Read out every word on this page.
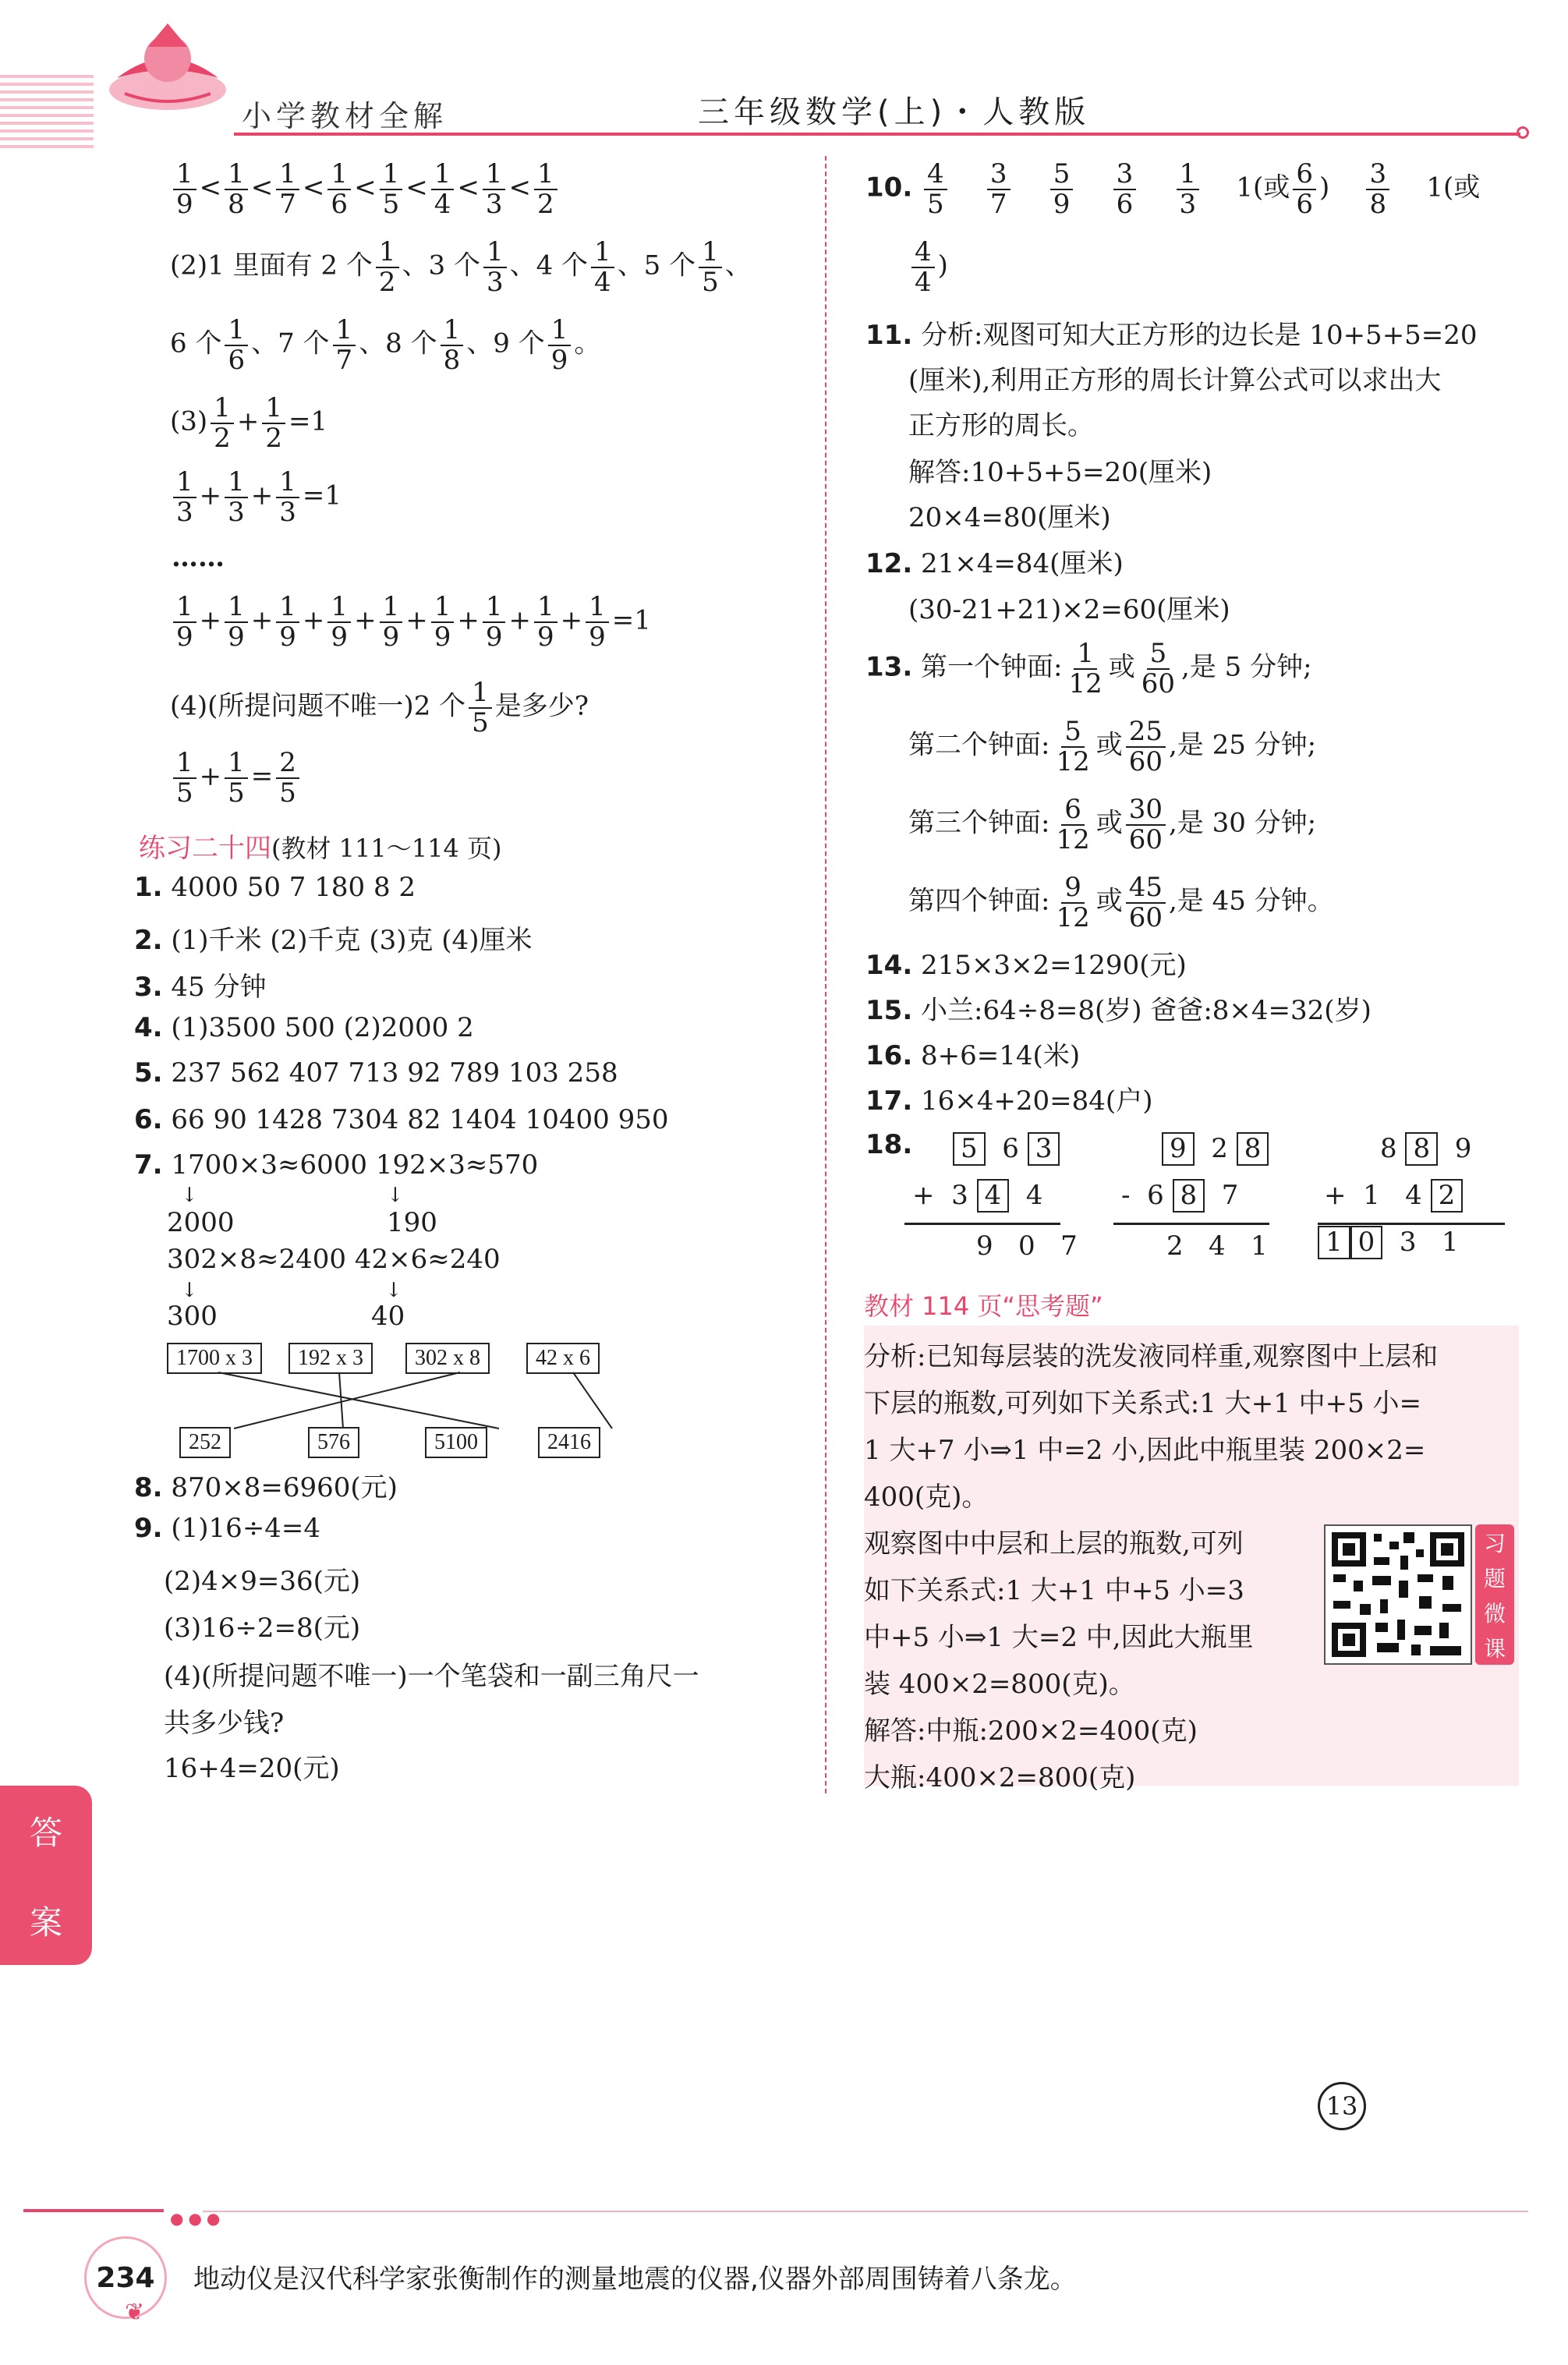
小学教材全解	三年级数学(上)・人教版
$\frac{1}{9} < \frac{1}{8} < \frac{1}{7} < \frac{1}{6} < \frac{1}{5} < \frac{1}{4} < \frac{1}{3} < \frac{1}{2}$
(2)1 里面有 2 个 $\frac{1}{2}$ 、3 个 $\frac{1}{3}$ 、4 个 $\frac{1}{4}$ 、5 个 $\frac{1}{5}$ 、
6 个 $\frac{1}{6}$ 、7 个 $\frac{1}{7}$ 、8 个 $\frac{1}{8}$ 、9 个 $\frac{1}{9}$ 。
$(3) \frac{1}{2} + \frac{1}{2} =1$
$\frac{1}{3} + \frac{1}{3} + \frac{1}{3} =1$
……
$\frac{1}{9} + \frac{1}{9} + \frac{1}{9} + \frac{1}{9} + \frac{1}{9} + \frac{1}{9} + \frac{1}{9} + \frac{1}{9} + \frac{1}{9} =1$
(4)(所提问题不唯一)2 个 $\frac{1}{5}$ 是多少?
$\frac{1}{5} + \frac{1}{5} = \frac{2}{5}$
练习二十四(教材 111～114 页)
1. 4000 50 7 180 8 2
2. (1)千米 (2)千克 (3)克 (4)厘米
3. 45 分钟
4. (1)3500 500 (2)2000 2
5. 237 562 407 713 92 789 103 258
6. 66 90 1428 7304 82 1404 10400 950
7. 1700×3≈6000 192×3≈570
↓	↓
2000	190
302×8≈2400 42×6≈240
↓	↓
300	40
1700 x 3	192 x 3	302 x 8	42 x 6
252	576	5100	2416
8. 870×8=6960(元)
9. (1)16÷4=4
(2)4×9=36(元)
(3)16÷2=8(元)
(4)(所提问题不唯一)一个笔袋和一副三角尺一
共多少钱?
16+4=20(元)
10. $\frac{4}{5}$
$\frac{3}{7}$
$\frac{5}{9}$
$\frac{3}{6}$
$\frac{1}{3} 1$(或 $\frac{6}{6}$ ) $\frac{3}{8} 1$(或
$\frac{4}{4}$ )
11. 分析:观图可知大正方形的边长是 10+5+5=20
(厘米),利用正方形的周长计算公式可以求出大
正方形的周长。
解答:10+5+5=20(厘米)
20×4=80(厘米)
12. 21×4=84(厘米)
(30-21+21)×2=60(厘米)
13. 第一个钟面: $\frac{1}{12}$ 或 $\frac{5}{60}$ ,是 5 分钟;
第二个钟面: $\frac{5}{12}$ 或 $\frac{25}{60}$ ,是 25 分钟;
第三个钟面: $\frac{6}{12}$ 或 $\frac{30}{60}$ ,是 30 分钟;
第四个钟面: $\frac{9}{12}$ 或 $\frac{45}{60}$ ,是 45 分钟。
14. 215×3×2=1290(元)
15. 小兰:64÷8=8(岁) 爸爸:8×4=32(岁)
16. 8+6=14(米)
17. 16×4+20=84(户)
18. 5  6 3
+  3 4  4
9   0   7
9  2 8
-  6 8  7
2   4   1
8 8  9
+  1   4 2
1 0  3   1
教材 114 页“思考题”
分析:已知每层装的洗发液同样重,观察图中上层和
下层的瓶数,可列如下关系式:1 大+1 中+5 小=
1 大+7 小⇒1 中=2 小,因此中瓶里装 200×2=
400(克)。
观察图中中层和上层的瓶数,可列
如下关系式:1 大+1 中+5 小=3
中+5 小⇒1 大=2 中,因此大瓶里
装 400×2=800(克)。
解答:中瓶:200×2=400(克)
大瓶:400×2=800(克)
习
题
微
课
答
案
13
●●●
234
❦
地动仪是汉代科学家张衡制作的测量地震的仪器,仪器外部周围铸着八条龙。
